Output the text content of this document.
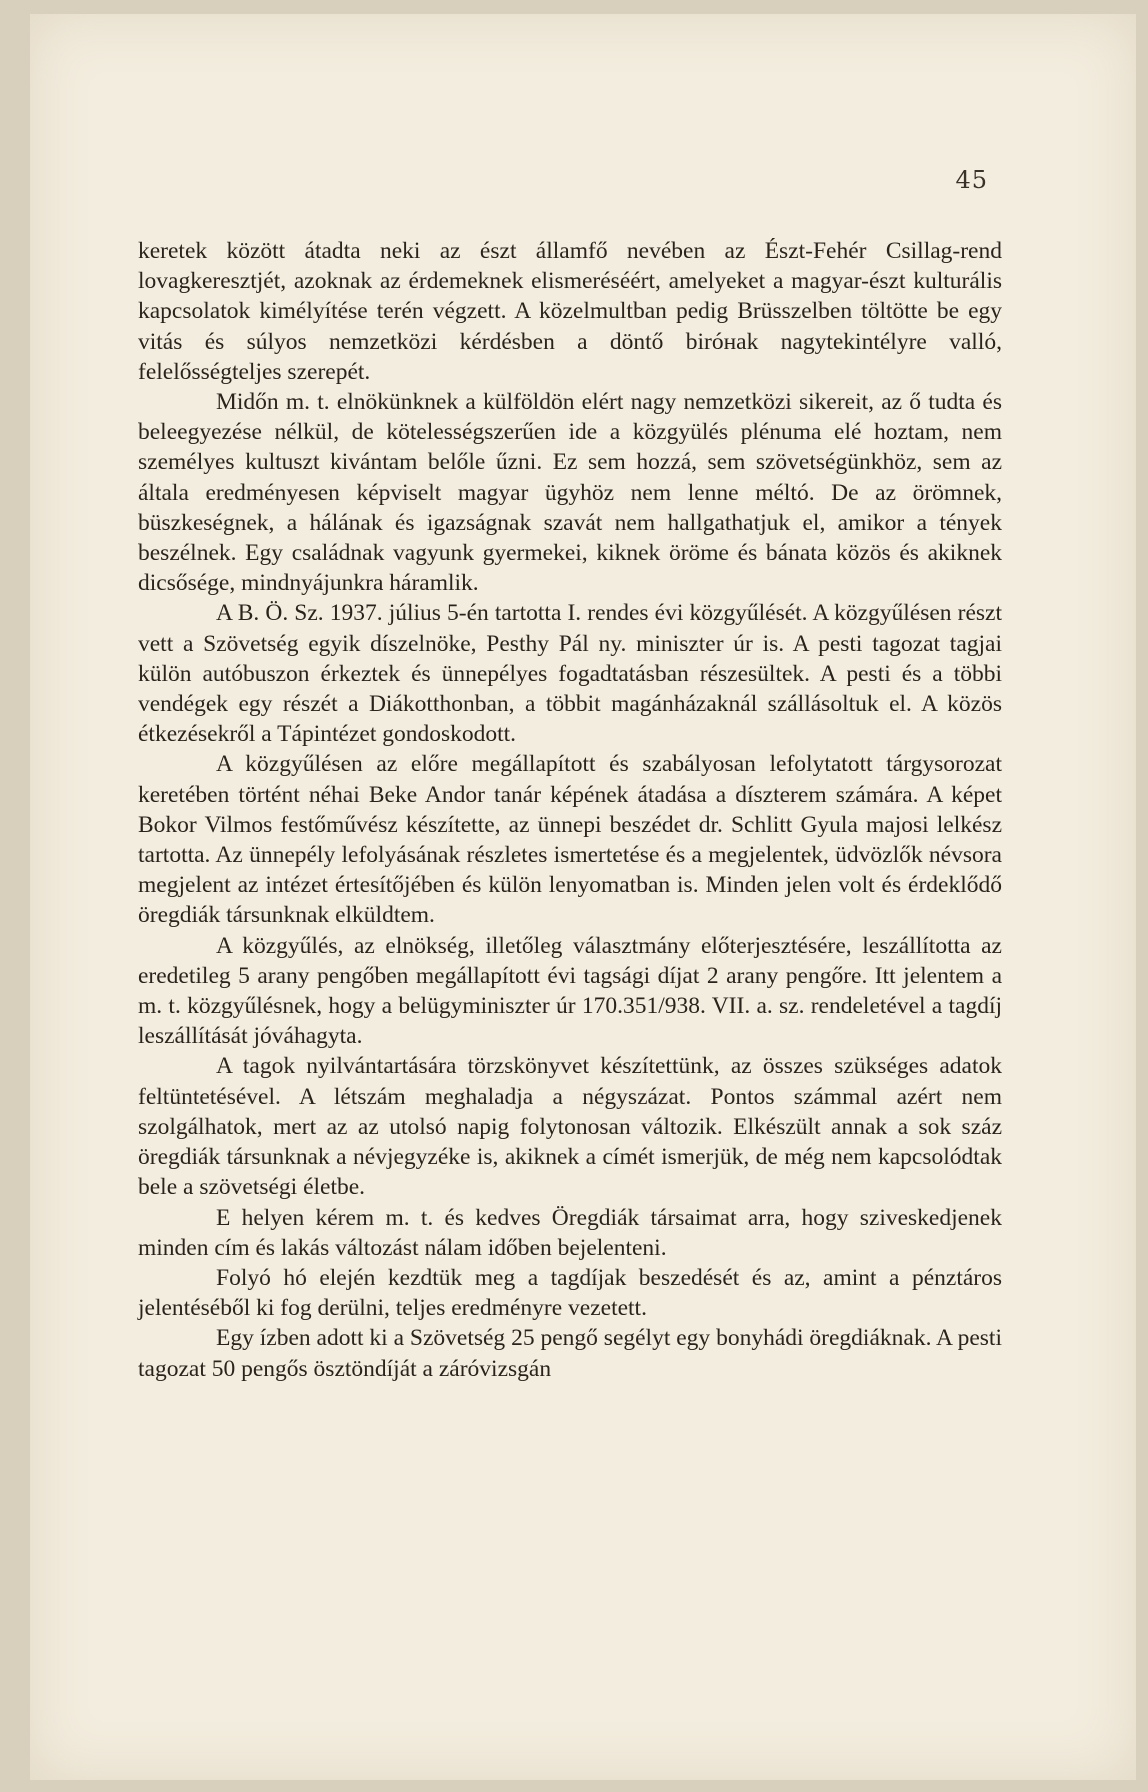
45

keretek között átadta neki az észt államfő nevében az Észt-Fehér Csillag-rend lovagkeresztjét, azoknak az érdemeknek elismeréséért, amelyeket a magyar-észt kulturális kapcsolatok kimélyítése terén végzett. A közelmultban pedig Brüsszelben töltötte be egy vitás és súlyos nemzetközi kérdésben a döntő biróнak nagytekintélyre valló, felelősségteljes szerepét.

Midőn m. t. elnökünknek a külföldön elért nagy nemzetközi sikereit, az ő tudta és beleegyezése nélkül, de kötelességszerűen ide a közgyülés plénuma elé hoztam, nem személyes kultuszt kivántam belőle űzni. Ez sem hozzá, sem szövetségünkhöz, sem az általa eredményesen képviselt magyar ügyhöz nem lenne méltó. De az örömnek, büszkeségnek, a hálának és igazságnak szavát nem hallgathatjuk el, amikor a tények beszélnek. Egy családnak vagyunk gyermekei, kiknek öröme és bánata közös és akiknek dicsősége, mindnyájunkra háramlik.

A B. Ö. Sz. 1937. július 5-én tartotta I. rendes évi közgyűlését. A közgyűlésen részt vett a Szövetség egyik díszelnöke, Pesthy Pál ny. miniszter úr is. A pesti tagozat tagjai külön autóbuszon érkeztek és ünnepélyes fogadtatásban részesültek. A pesti és a többi vendégek egy részét a Diákotthonban, a többit magánházaknál szállásoltuk el. A közös étkezésekről a Tápintézet gondoskodott.

A közgyűlésen az előre megállapított és szabályosan lefolytatott tárgysorozat keretében történt néhai Beke Andor tanár képének átadása a díszterem számára. A képet Bokor Vilmos festőművész készítette, az ünnepi beszédet dr. Schlitt Gyula majosi lelkész tartotta. Az ünnepély lefolyásának részletes ismertetése és a megjelentek, üdvözlők névsora megjelent az intézet értesítőjében és külön lenyomatban is. Minden jelen volt és érdeklődő öregdiák társunknak elküldtem.

A közgyűlés, az elnökség, illetőleg választmány előterjesztésére, leszállította az eredetileg 5 arany pengőben megállapított évi tagsági díjat 2 arany pengőre. Itt jelentem a m. t. közgyűlésnek, hogy a belügyminiszter úr 170.351/938. VII. a. sz. rendeletével a tagdíj leszállítását jóváhagyta.

A tagok nyilvántartására törzskönyvet készítettünk, az összes szükséges adatok feltüntetésével. A létszám meghaladja a négyszázat. Pontos számmal azért nem szolgálhatok, mert az az utolsó napig folytonosan változik. Elkészült annak a sok száz öregdiák társunknak a névjegyzéke is, akiknek a címét ismerjük, de még nem kapcsolódtak bele a szövetségi életbe.

E helyen kérem m. t. és kedves Öregdiák társaimat arra, hogy sziveskedjenek minden cím és lakás változást nálam időben bejelenteni.

Folyó hó elején kezdtük meg a tagdíjak beszedését és az, amint a pénztáros jelentéséből ki fog derülni, teljes eredményre vezetett.

Egy ízben adott ki a Szövetség 25 pengő segélyt egy bonyhádi öregdiáknak. A pesti tagozat 50 pengős ösztöndíját a záróvizsgán
